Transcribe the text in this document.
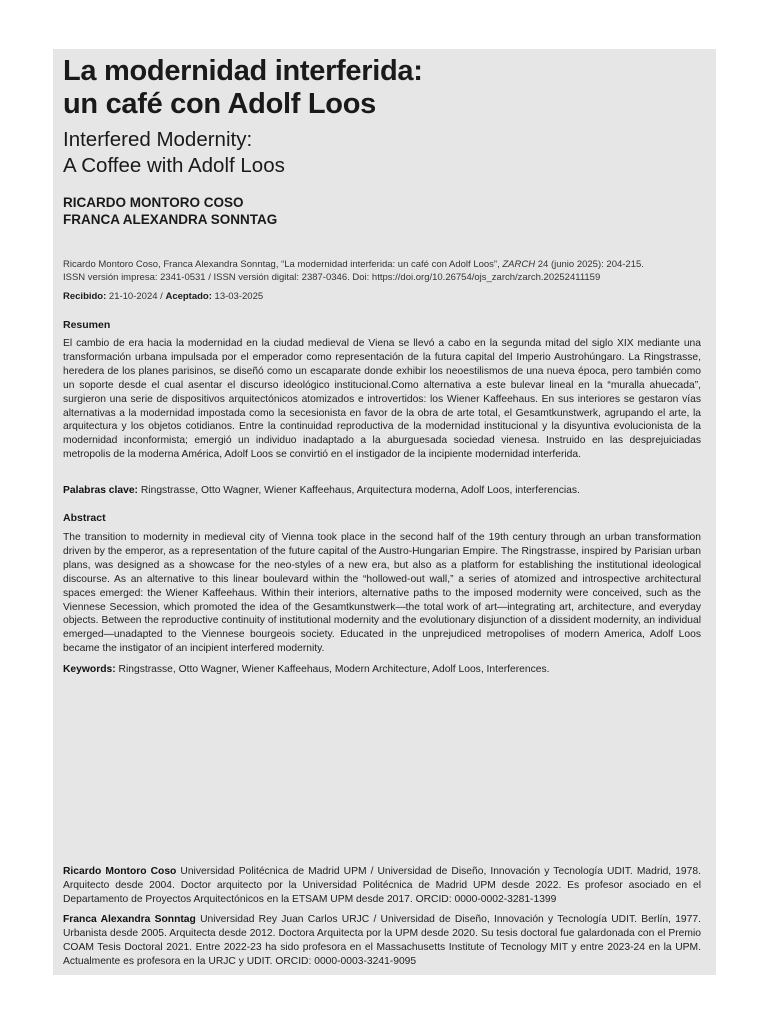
La modernidad interferida:
un café con Adolf Loos
Interfered Modernity:
A Coffee with Adolf Loos
RICARDO MONTORO COSO
FRANCA ALEXANDRA SONNTAG
Ricardo Montoro Coso, Franca Alexandra Sonntag, “La modernidad interferida: un café con Adolf Loos”, ZARCH 24 (junio 2025): 204-215.
ISSN versión impresa: 2341-0531 / ISSN versión digital: 2387-0346. Doi: https://doi.org/10.26754/ojs_zarch/zarch.20252411159
Recibido: 21-10-2024 / Aceptado: 13-03-2025
Resumen
El cambio de era hacia la modernidad en la ciudad medieval de Viena se llevó a cabo en la segunda mitad del siglo XIX mediante una transformación urbana impulsada por el emperador como representación de la futura capital del Imperio Austrohúngaro. La Ringstrasse, heredera de los planes parisinos, se diseñó como un escaparate donde exhibir los neoestilismos de una nueva época, pero también como un soporte desde el cual asentar el discurso ideológico institucional.Como alternativa a este bulevar lineal en la “muralla ahuecada”, surgieron una serie de dispositivos arquitectónicos atomizados e introvertidos: los Wiener Kaffeehaus. En sus interiores se gestaron vías alternativas a la modernidad impostada como la secesionista en favor de la obra de arte total, el Gesamtkunstwerk, agrupando el arte, la arquitectura y los objetos cotidianos. Entre la continuidad reproductiva de la modernidad institucional y la disyuntiva evolucionista de la modernidad inconformista; emergió un individuo inadaptado a la aburguesada sociedad vienesa. Instruido en las desprejuiciadas metropolis de la moderna América, Adolf Loos se convirtió en el instigador de la incipiente modernidad interferida.
Palabras clave: Ringstrasse, Otto Wagner, Wiener Kaffeehaus, Arquitectura moderna, Adolf Loos, interferencias.
Abstract
The transition to modernity in medieval city of Vienna took place in the second half of the 19th century through an urban transformation driven by the emperor, as a representation of the future capital of the Austro-Hungarian Empire. The Ringstrasse, inspired by Parisian urban plans, was designed as a showcase for the neo-styles of a new era, but also as a platform for establishing the institutional ideological discourse. As an alternative to this linear boulevard within the “hollowed-out wall,” a series of atomized and introspective architectural spaces emerged: the Wiener Kaffeehaus. Within their interiors, alternative paths to the imposed modernity were conceived, such as the Viennese Secession, which promoted the idea of the Gesamtkunstwerk—the total work of art—integrating art, architecture, and everyday objects. Between the reproductive continuity of institutional modernity and the evolutionary disjunction of a dissident modernity, an individual emerged—unadapted to the Viennese bourgeois society. Educated in the unprejudiced metropolises of modern America, Adolf Loos became the instigator of an incipient interfered modernity.
Keywords: Ringstrasse, Otto Wagner, Wiener Kaffeehaus, Modern Architecture, Adolf Loos, Interferences.
Ricardo Montoro Coso Universidad Politécnica de Madrid UPM / Universidad de Diseño, Innovación y Tecnología UDIT. Madrid, 1978. Arquitecto desde 2004. Doctor arquitecto por la Universidad Politécnica de Madrid UPM desde 2022. Es profesor asociado en el Departamento de Proyectos Arquitectónicos en la ETSAM UPM desde 2017. ORCID: 0000-0002-3281-1399
Franca Alexandra Sonntag Universidad Rey Juan Carlos URJC / Universidad de Diseño, Innovación y Tecnología UDIT. Berlín, 1977. Urbanista desde 2005. Arquitecta desde 2012. Doctora Arquitecta por la UPM desde 2020. Su tesis doctoral fue galardonada con el Premio COAM Tesis Doctoral 2021. Entre 2022-23 ha sido profesora en el Massachusetts Institute of Tecnology MIT y entre 2023-24 en la UPM. Actualmente es profesora en la URJC y UDIT. ORCID: 0000-0003-3241-9095
